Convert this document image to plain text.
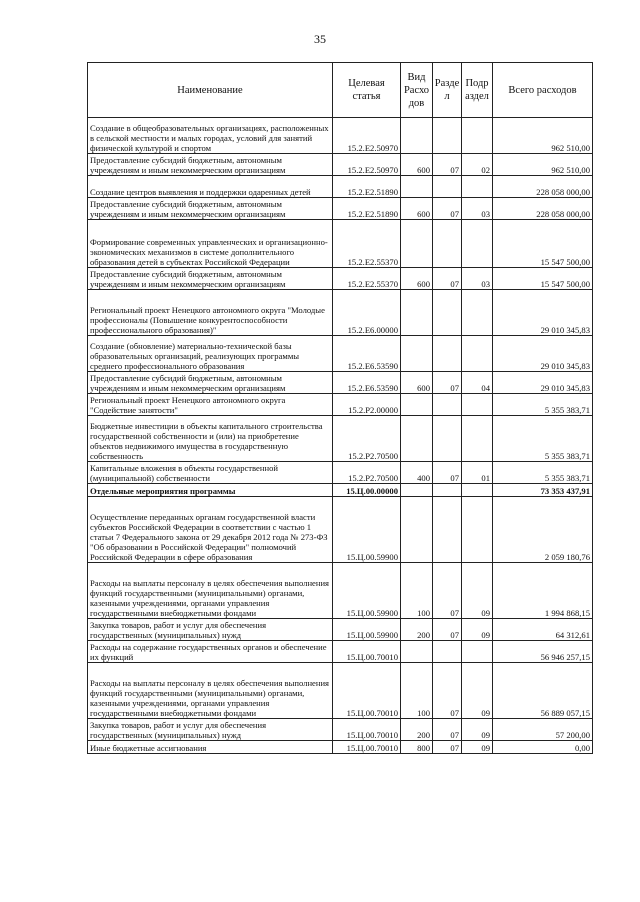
35
Наименование	Целевая статья	Вид Расхо дов	Разде л	Подр аздел	Всего расходов
Создание в общеобразовательных организациях, расположенных в сельской местности и малых городах, условий для занятий физической культурой и спортом	15.2.Е2.50970				962 510,00
Предоставление субсидий бюджетным, автономным учреждениям и иным некоммерческим организациям	15.2.Е2.50970	600	07	02	962 510,00
Создание центров выявления и поддержки одаренных детей	15.2.Е2.51890				228 058 000,00
Предоставление субсидий бюджетным, автономным учреждениям и иным некоммерческим организациям	15.2.Е2.51890	600	07	03	228 058 000,00
Формирование современных управленческих и организационно-экономических механизмов в системе дополнительного образования детей в субъектах Российской Федерации	15.2.Е2.55370				15 547 500,00
Предоставление субсидий бюджетным, автономным учреждениям и иным некоммерческим организациям	15.2.Е2.55370	600	07	03	15 547 500,00
Региональный проект Ненецкого автономного округа "Молодые профессионалы (Повышение конкурентоспособности профессионального образования)"	15.2.Е6.00000				29 010 345,83
Создание (обновление) материально-технической базы образовательных организаций, реализующих программы среднего профессионального образования	15.2.Е6.53590				29 010 345,83
Предоставление субсидий бюджетным, автономным учреждениям и иным некоммерческим организациям	15.2.Е6.53590	600	07	04	29 010 345,83
Региональный проект Ненецкого автономного округа "Содействие занятости"	15.2.Р2.00000				5 355 383,71
Бюджетные инвестиции в объекты капитального строительства государственной собственности и (или) на приобретение объектов недвижимого имущества в государственную собственность	15.2.Р2.70500				5 355 383,71
Капитальные вложения в объекты государственной (муниципальной) собственности	15.2.Р2.70500	400	07	01	5 355 383,71
Отдельные мероприятия программы	15.Ц.00.00000				73 353 437,91
Осуществление переданных органам государственной власти субъектов Российской Федерации в соответствии с частью 1 статьи 7 Федерального закона от 29 декабря 2012 года № 273-ФЗ "Об образовании в Российской Федерации" полномочий Российской Федерации в сфере образования	15.Ц.00.59900				2 059 180,76
Расходы на выплаты персоналу в целях обеспечения выполнения функций государственными (муниципальными) органами, казенными учреждениями, органами управления государственными внебюджетными фондами	15.Ц.00.59900	100	07	09	1 994 868,15
Закупка товаров, работ и услуг для обеспечения государственных (муниципальных) нужд	15.Ц.00.59900	200	07	09	64 312,61
Расходы на содержание государственных органов и обеспечение их функций	15.Ц.00.70010				56 946 257,15
Расходы на выплаты персоналу в целях обеспечения выполнения функций государственными (муниципальными) органами, казенными учреждениями, органами управления государственными внебюджетными фондами	15.Ц.00.70010	100	07	09	56 889 057,15
Закупка товаров, работ и услуг для обеспечения государственных (муниципальных) нужд	15.Ц.00.70010	200	07	09	57 200,00
Иные бюджетные ассигнования	15.Ц.00.70010	800	07	09	0,00
